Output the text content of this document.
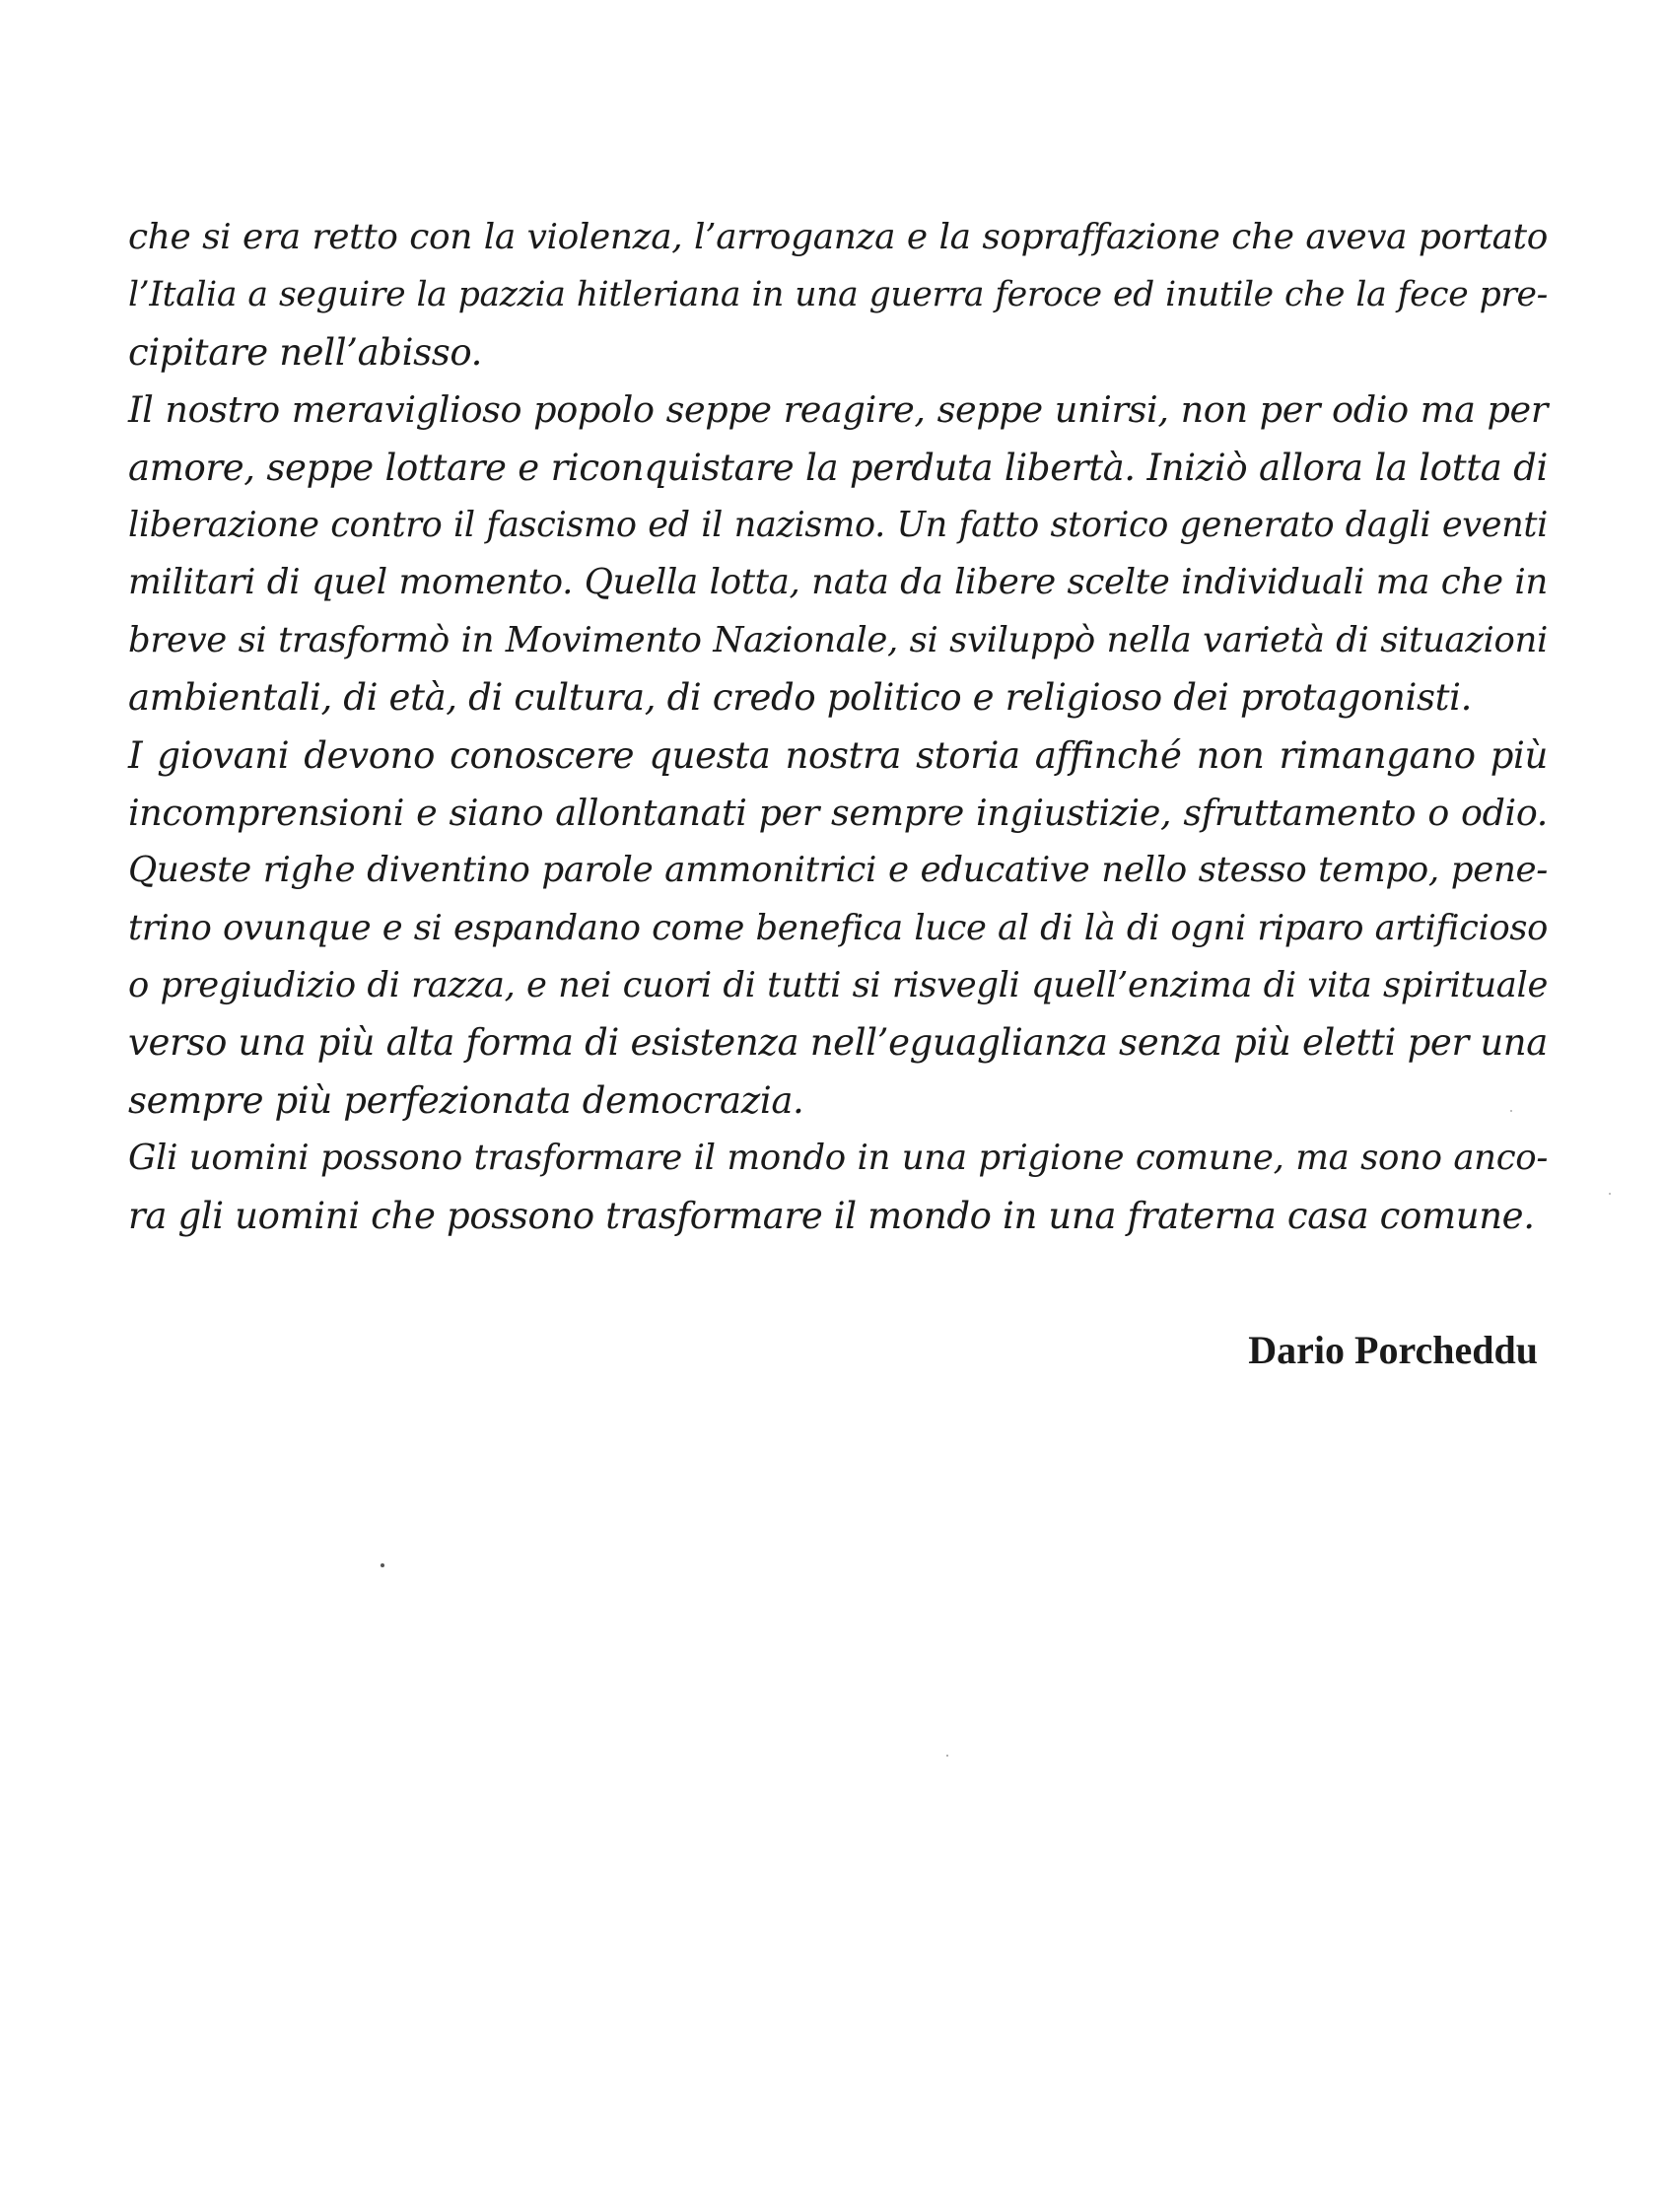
che si era retto con la violenza, l’arroganza e la sopraffazione che aveva portato
l’Italia a seguire la pazzia hitleriana in una guerra feroce ed inutile che la fece pre-
cipitare nell’abisso.
Il nostro meraviglioso popolo seppe reagire, seppe unirsi, non per odio ma per
amore, seppe lottare e riconquistare la perduta libertà. Iniziò allora la lotta di
liberazione contro il fascismo ed il nazismo. Un fatto storico generato dagli eventi
militari di quel momento. Quella lotta, nata da libere scelte individuali ma che in
breve si trasformò in Movimento Nazionale, si sviluppò nella varietà di situazioni
ambientali, di età, di cultura, di credo politico e religioso dei protagonisti.
I giovani devono conoscere questa nostra storia affinché non rimangano più
incomprensioni e siano allontanati per sempre ingiustizie, sfruttamento o odio.
Queste righe diventino parole ammonitrici e educative nello stesso tempo, pene-
trino ovunque e si espandano come benefica luce al di là di ogni riparo artificioso
o pregiudizio di razza, e nei cuori di tutti si risvegli quell’enzima di vita spirituale
verso una più alta forma di esistenza nell’eguaglianza senza più eletti per una
sempre più perfezionata democrazia.
Gli uomini possono trasformare il mondo in una prigione comune, ma sono anco-
ra gli uomini che possono trasformare il mondo in una fraterna casa comune.
Dario Porcheddu
